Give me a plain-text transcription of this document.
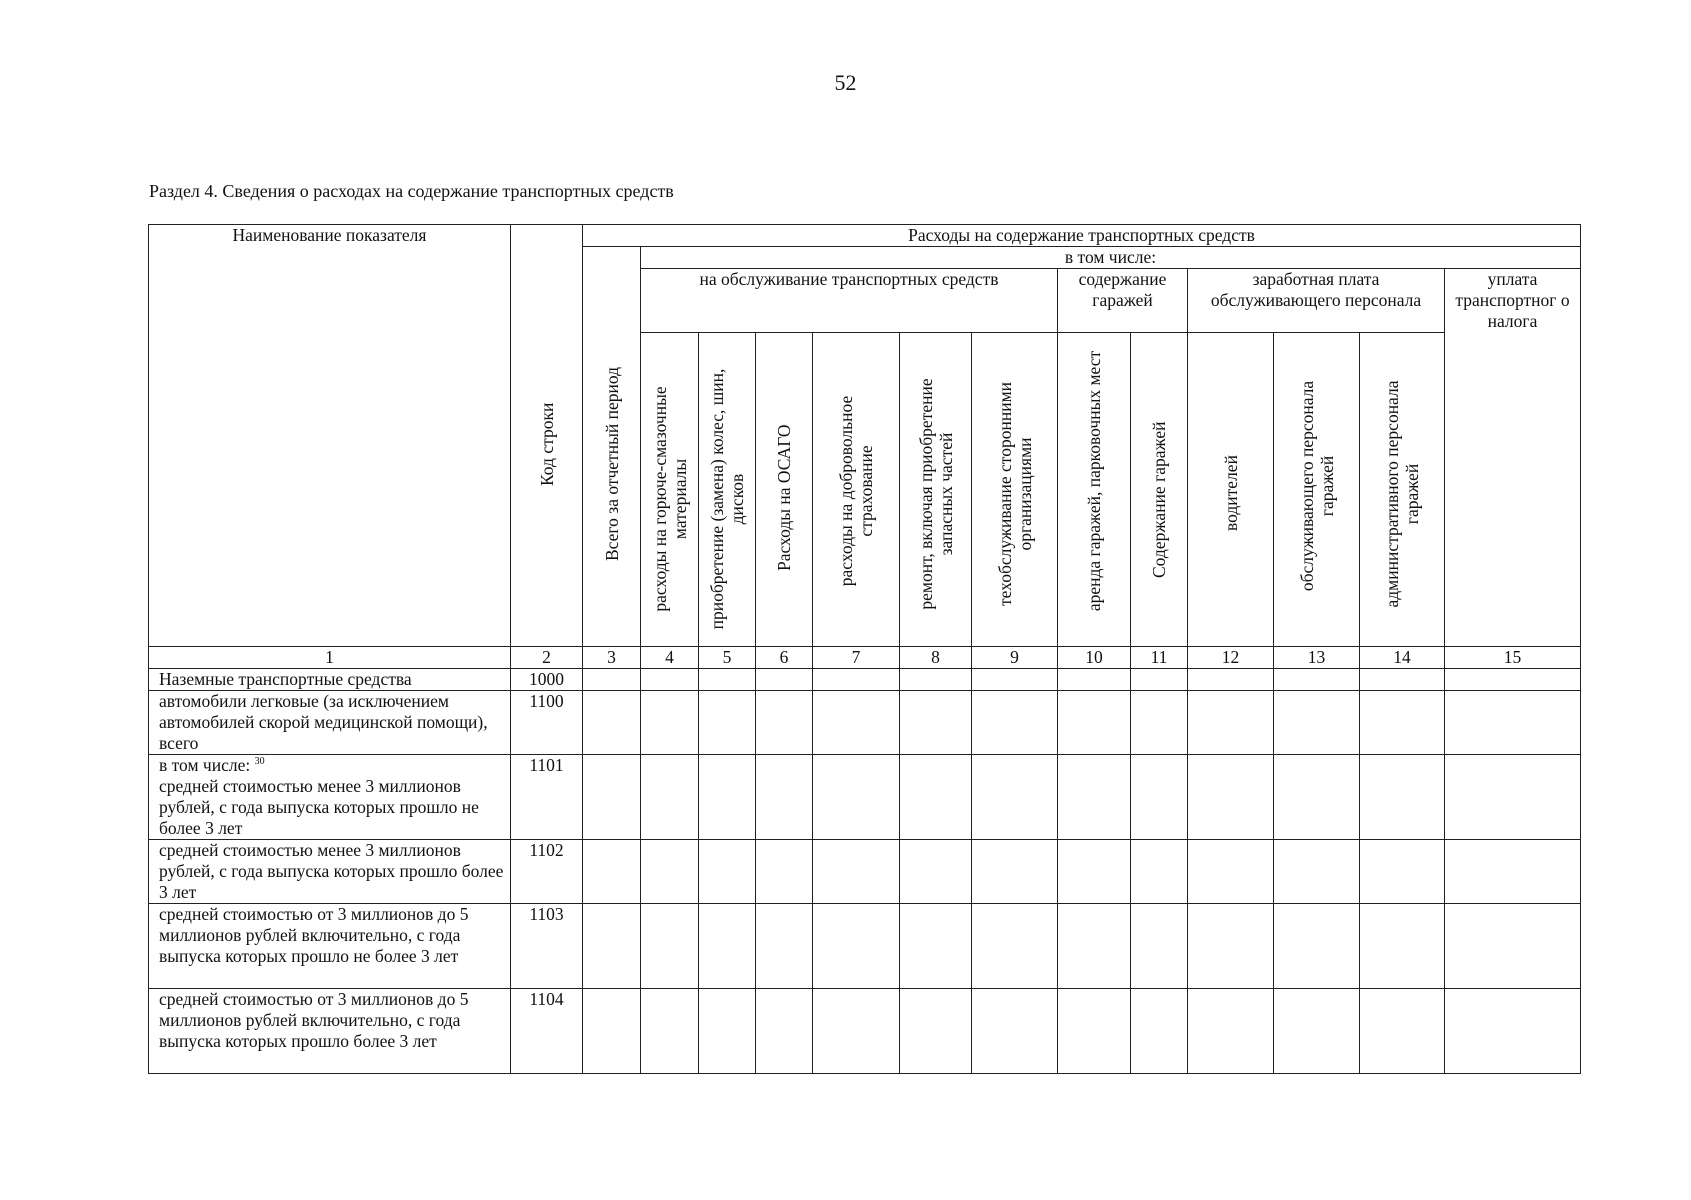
52
Раздел 4. Сведения о расходах на содержание транспортных средств
Наименование показателя	Код строки	Расходы на содержание транспортных средств												

		Всего за отчетный период	в том числе:											
			на обслуживание транспортных средств						содержание гаражей		заработная плата обслуживающего персонала			уплата транспортног о налога

			расходы на горюче-смазочные материалы	приобретение (замена) колес, шин, дисков	Расходы на ОСАГО	расходы на добровольное страхование	ремонт, включая приобретение запасных частей	техобслуживание сторонними организациями	аренда гаражей, парковочных мест	Содержание гаражей	водителей	обслуживающего персонала гаражей	административного персонала гаражей	

1	2	3	4	5	6	7	8	9	10	11	12	13	14	15
Наземные транспортные средства	1000													
автомобили легковые (за исключением автомобилей скорой медицинской помощи), всего	1100													
в том числе: $^{30}$
средней стоимостью менее 3 миллионов рублей, с года выпуска которых прошло не более 3 лет	1101													
средней стоимостью менее 3 миллионов рублей, с года выпуска которых прошло более 3 лет	1102													
средней стоимостью от 3 миллионов до 5 миллионов рублей включительно, с года выпуска которых прошло не более 3 лет	1103													
средней стоимостью от 3 миллионов до 5 миллионов рублей включительно, с года выпуска которых прошло более 3 лет	1104													
